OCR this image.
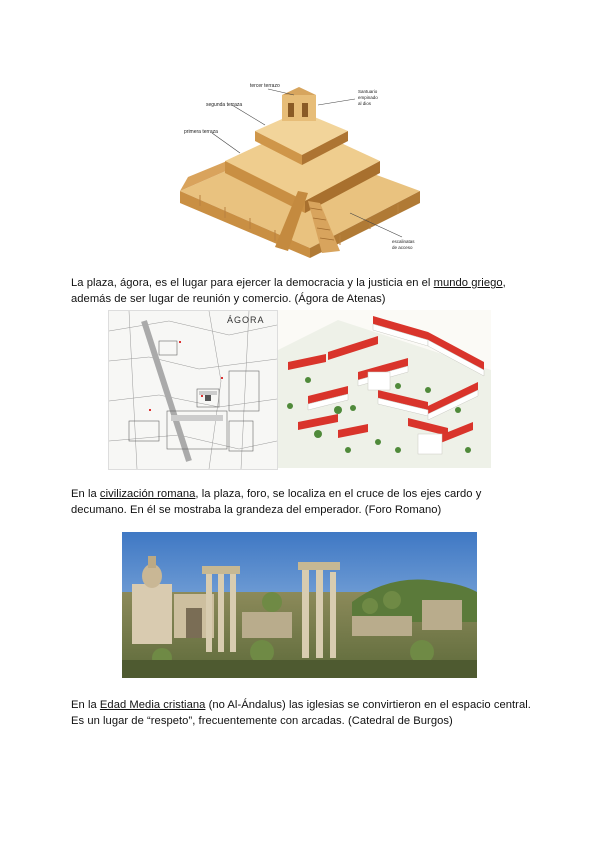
tercer terrazo
segunda terraza
Santuario empinado al dios
primera terraza
escalinatas de acceso

La plaza, ágora, es el lugar para ejercer la democracia y la justicia en el mundo griego, además de ser lugar de reunión y comercio. (Ágora de Atenas)

ÁGORA

En la civilización romana, la plaza, foro, se localiza en el cruce de los ejes cardo y decumano. En él se mostraba la grandeza del emperador. (Foro Romano)

En la Edad Media cristiana (no Al-Ándalus) las iglesias se convirtieron en el espacio central. Es un lugar de “respeto”, frecuentemente con arcadas. (Catedral de Burgos)
